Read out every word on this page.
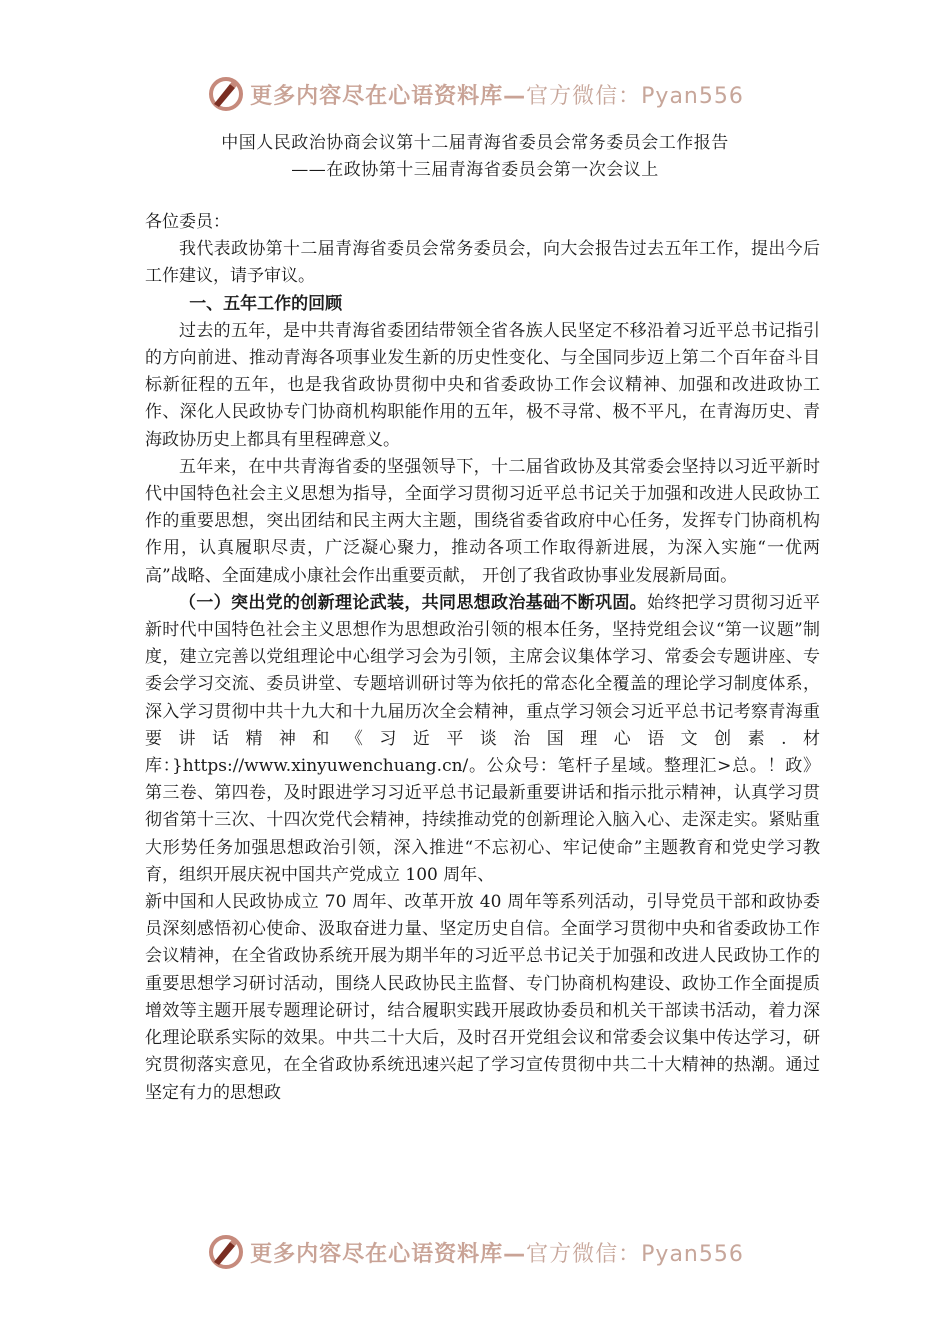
更多内容尽在心语资料库—官方微信：Pyan556
中国人民政治协商会议第十二届青海省委员会常务委员会工作报告
——在政协第十三届青海省委员会第一次会议上

各位委员：

我代表政协第十二届青海省委员会常务委员会，向大会报告过去五年工作，提出今后工作建议，请予审议。

一、五年工作的回顾

过去的五年，是中共青海省委团结带领全省各族人民坚定不移沿着习近平总书记指引的方向前进、推动青海各项事业发生新的历史性变化、与全国同步迈上第二个百年奋斗目标新征程的五年，也是我省政协贯彻中央和省委政协工作会议精神、加强和改进政协工作、深化人民政协专门协商机构职能作用的五年，极不寻常、极不平凡，在青海历史、青海政协历史上都具有里程碑意义。

五年来，在中共青海省委的坚强领导下，十二届省政协及其常委会坚持以习近平新时代中国特色社会主义思想为指导，全面学习贯彻习近平总书记关于加强和改进人民政协工作的重要思想，突出团结和民主两大主题，围绕省委省政府中心任务，发挥专门协商机构作用，认真履职尽责，广泛凝心聚力，推动各项工作取得新进展，为深入实施“一优两高”战略、全面建成小康社会作出重要贡献， 开创了我省政协事业发展新局面。

（一）突出党的创新理论武装，共同思想政治基础不断巩固。始终把学习贯彻习近平新时代中国特色社会主义思想作为思想政治引领的根本任务，坚持党组会议“第一议题”制度，建立完善以党组理论中心组学习会为引领，主席会议集体学习、常委会专题讲座、专委会学习交流、委员讲堂、专题培训研讨等为依托的常态化全覆盖的理论学习制度体系，深入学习贯彻中共十九大和十九届历次全会精神，重点学习领会习近平总书记考察青海重要讲话精神和《习近平谈治国理心语文创素.材库：}https://www.xinyuwenchuang.cn/。公众号：笔杆子星域。整理汇>总。！政》第三卷、第四卷，及时跟进学习习近平总书记最新重要讲话和指示批示精神，认真学习贯彻省第十三次、十四次党代会精神，持续推动党的创新理论入脑入心、走深走实。紧贴重大形势任务加强思想政治引领，深入推进“不忘初心、牢记使命”主题教育和党史学习教育，组织开展庆祝中国共产党成立 100 周年、

新中国和人民政协成立 70 周年、改革开放 40 周年等系列活动，引导党员干部和政协委员深刻感悟初心使命、汲取奋进力量、坚定历史自信。全面学习贯彻中央和省委政协工作会议精神，在全省政协系统开展为期半年的习近平总书记关于加强和改进人民政协工作的重要思想学习研讨活动，围绕人民政协民主监督、专门协商机构建设、政协工作全面提质增效等主题开展专题理论研讨，结合履职实践开展政协委员和机关干部读书活动，着力深化理论联系实际的效果。中共二十大后，及时召开党组会议和常委会议集中传达学习，研究贯彻落实意见，在全省政协系统迅速兴起了学习宣传贯彻中共二十大精神的热潮。通过坚定有力的思想政

更多内容尽在心语资料库—官方微信：Pyan556
